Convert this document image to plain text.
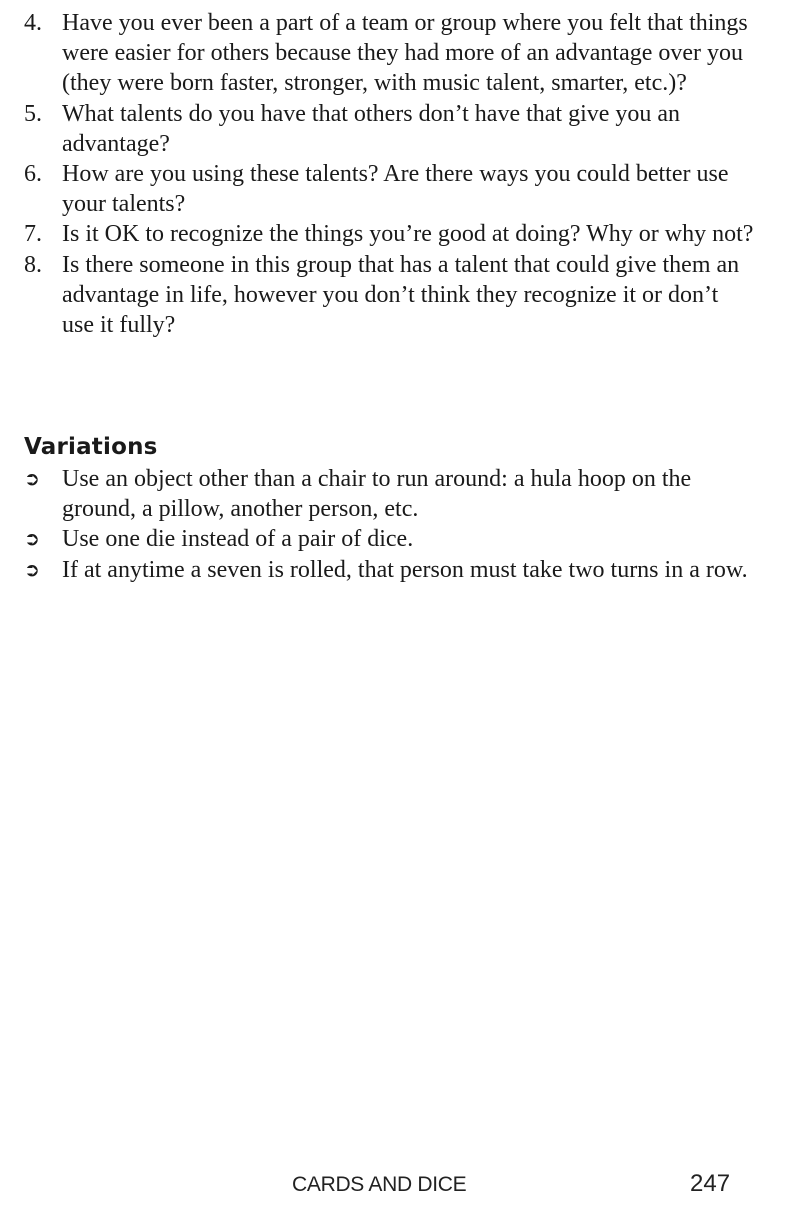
4. Have you ever been a part of a team or group where you felt that things were easier for others because they had more of an advantage over you (they were born faster, stronger, with music talent, smarter, etc.)?
5. What talents do you have that others don’t have that give you an advantage?
6. How are you using these talents? Are there ways you could better use your talents?
7. Is it OK to recognize the things you’re good at doing? Why or why not?
8. Is there someone in this group that has a talent that could give them an advantage in life, however you don’t think they recognize it or don’t use it fully?
Variations
➲ Use an object other than a chair to run around: a hula hoop on the ground, a pillow, another person, etc.
➲ Use one die instead of a pair of dice.
➲ If at anytime a seven is rolled, that person must take two turns in a row.
CARDS AND DICE	247
